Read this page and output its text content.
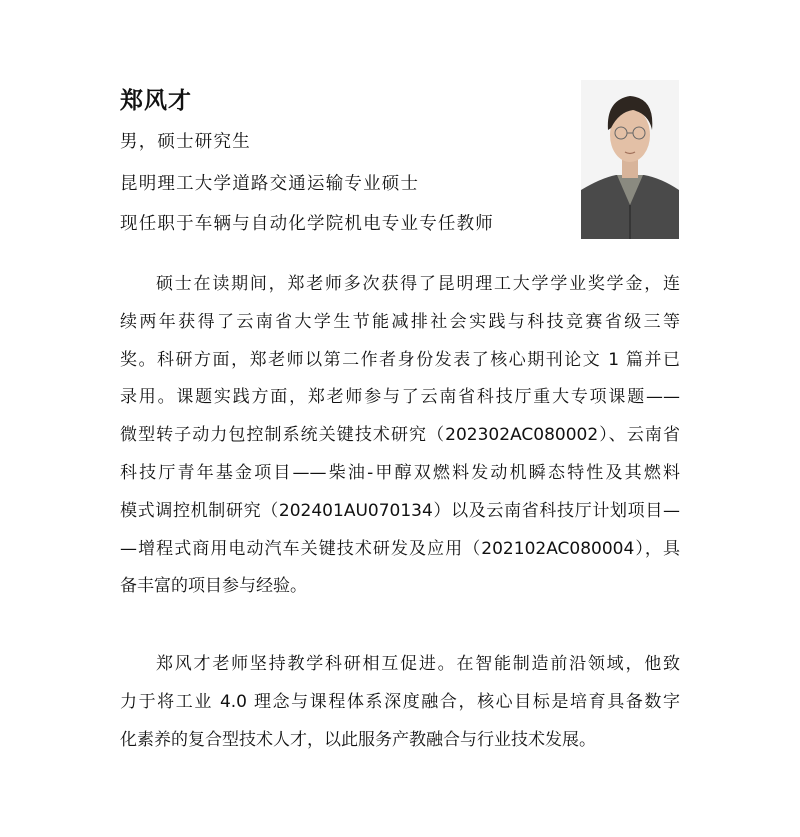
郑风才
男，硕士研究生
昆明理工大学道路交通运输专业硕士
现任职于车辆与自动化学院机电专业专任教师
硕士在读期间，郑老师多次获得了昆明理工大学学业奖学金，连
续两年获得了云南省大学生节能减排社会实践与科技竞赛省级三等
奖。科研方面，郑老师以第二作者身份发表了核心期刊论文 1 篇并已
录用。课题实践方面，郑老师参与了云南省科技厅重大专项课题——
微型转子动力包控制系统关键技术研究（202302AC080002）、云南省
科技厅青年基金项目——柴油-甲醇双燃料发动机瞬态特性及其燃料
模式调控机制研究（202401AU070134）以及云南省科技厅计划项目—
—增程式商用电动汽车关键技术研发及应用（202102AC080004），具
备丰富的项目参与经验。
郑风才老师坚持教学科研相互促进。在智能制造前沿领域，他致
力于将工业 4.0 理念与课程体系深度融合，核心目标是培育具备数字
化素养的复合型技术人才，以此服务产教融合与行业技术发展。
